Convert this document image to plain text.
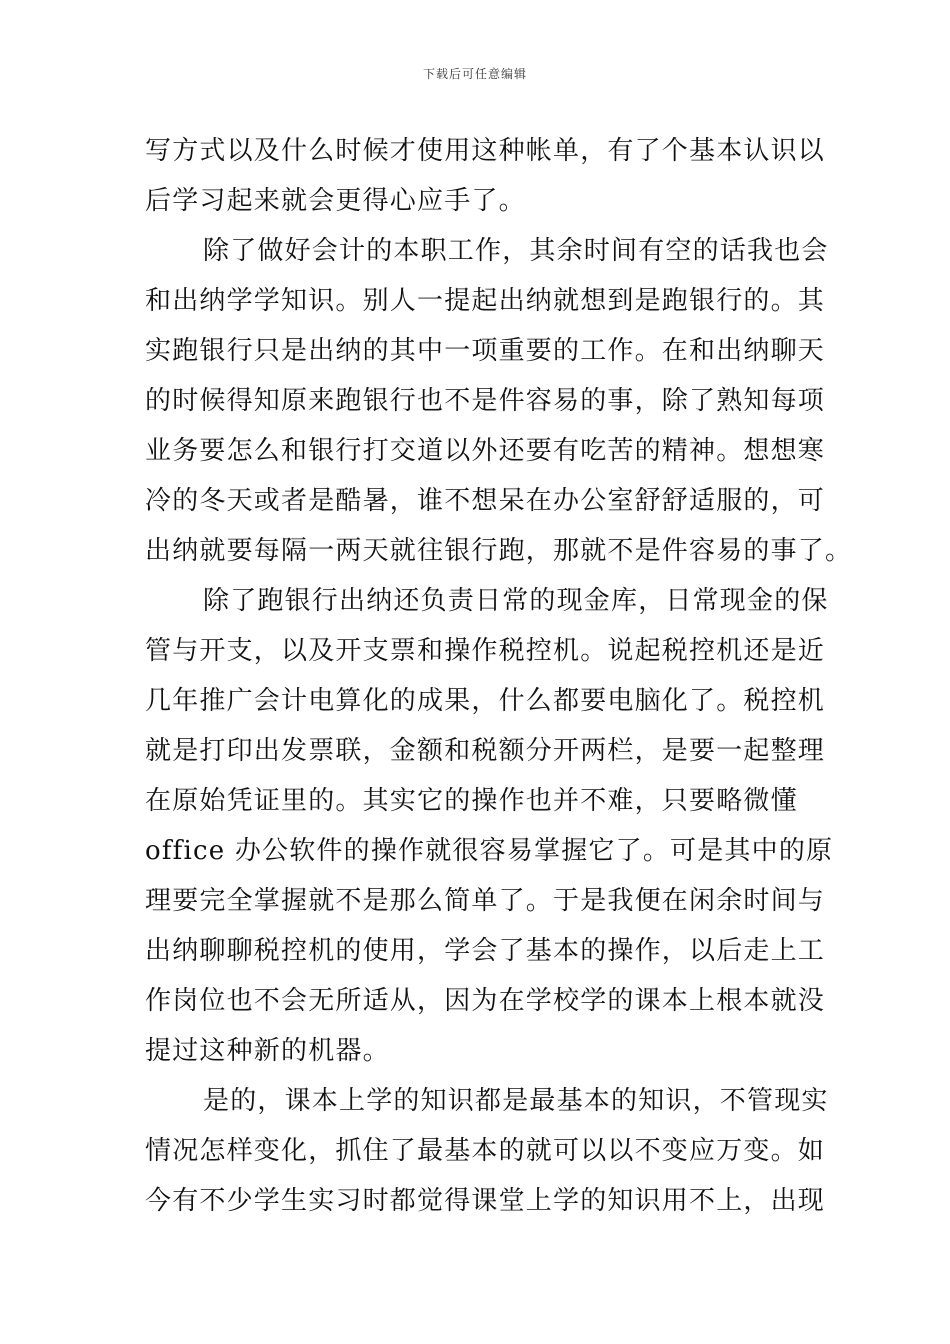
下载后可任意编辑
写方式以及什么时候才使用这种帐单，有了个基本认识以
后学习起来就会更得心应手了。
除了做好会计的本职工作，其余时间有空的话我也会
和出纳学学知识。别人一提起出纳就想到是跑银行的。其
实跑银行只是出纳的其中一项重要的工作。在和出纳聊天
的时候得知原来跑银行也不是件容易的事，除了熟知每项
业务要怎么和银行打交道以外还要有吃苦的精神。想想寒
冷的冬天或者是酷暑，谁不想呆在办公室舒舒适服的，可
出纳就要每隔一两天就往银行跑，那就不是件容易的事了。
除了跑银行出纳还负责日常的现金库，日常现金的保
管与开支，以及开支票和操作税控机。说起税控机还是近
几年推广会计电算化的成果，什么都要电脑化了。税控机
就是打印出发票联，金额和税额分开两栏，是要一起整理
在原始凭证里的。其实它的操作也并不难，只要略微懂
office 办公软件的操作就很容易掌握它了。可是其中的原
理要完全掌握就不是那么简单了。于是我便在闲余时间与
出纳聊聊税控机的使用，学会了基本的操作，以后走上工
作岗位也不会无所适从，因为在学校学的课本上根本就没
提过这种新的机器。
是的，课本上学的知识都是最基本的知识，不管现实
情况怎样变化，抓住了最基本的就可以以不变应万变。如
今有不少学生实习时都觉得课堂上学的知识用不上，出现
